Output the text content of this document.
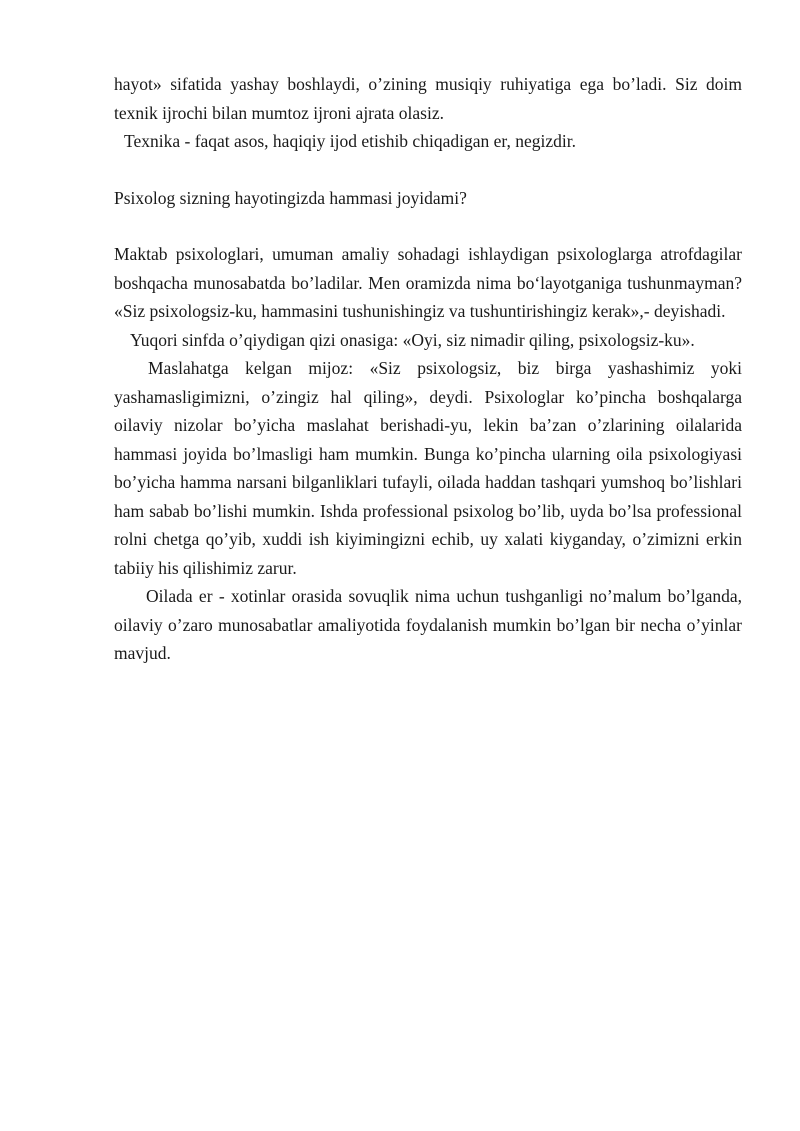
hayot» sifatida yashay boshlaydi, o’zining musiqiy ruhiyatiga ega bo’ladi. Siz doim texnik ijrochi bilan mumtoz ijroni ajrata olasiz.

Texnika - faqat asos, haqiqiy ijod etishib chiqadigan er, negizdir.

Psixolog sizning hayotingizda hammasi joyidami?

Maktab psixologlari, umuman amaliy sohadagi ishlaydigan psixologlarga atrofdagilar boshqacha munosabatda bo’ladilar. Men oramizda nima boʻlayotganiga tushunmayman? «Siz psixologsiz-ku, hammasini tushunishingiz va tushuntirishingiz kerak»,- deyishadi.

Yuqori sinfda o’qiydigan qizi onasiga: «Oyi, siz nimadir qiling, psixologsiz-ku».

Maslahatga kelgan mijoz: «Siz psixologsiz, biz birga yashashimiz yoki yashamasligimizni, o’zingiz hal qiling», deydi. Psixologlar ko’pincha boshqalarga oilaviy nizolar bo’yicha maslahat berishadi-yu, lekin ba’zan o’zlarining oilalarida hammasi joyida bo’lmasligi ham mumkin. Bunga ko’pincha ularning oila psixologiyasi bo’yicha hamma narsani bilganliklari tufayli, oilada haddan tashqari yumshoq bo’lishlari ham sabab bo’lishi mumkin. Ishda professional psixolog bo’lib, uyda bo’lsa professional rolni chetga qo’yib, xuddi ish kiyimingizni echib, uy xalati kiyganday, o’zimizni erkin tabiiy his qilishimiz zarur.

Oilada er - xotinlar orasida sovuqlik nima uchun tushganligi no’malum bo’lganda, oilaviy o’zaro munosabatlar amaliyotida foydalanish mumkin bo’lgan bir necha o’yinlar mavjud.
